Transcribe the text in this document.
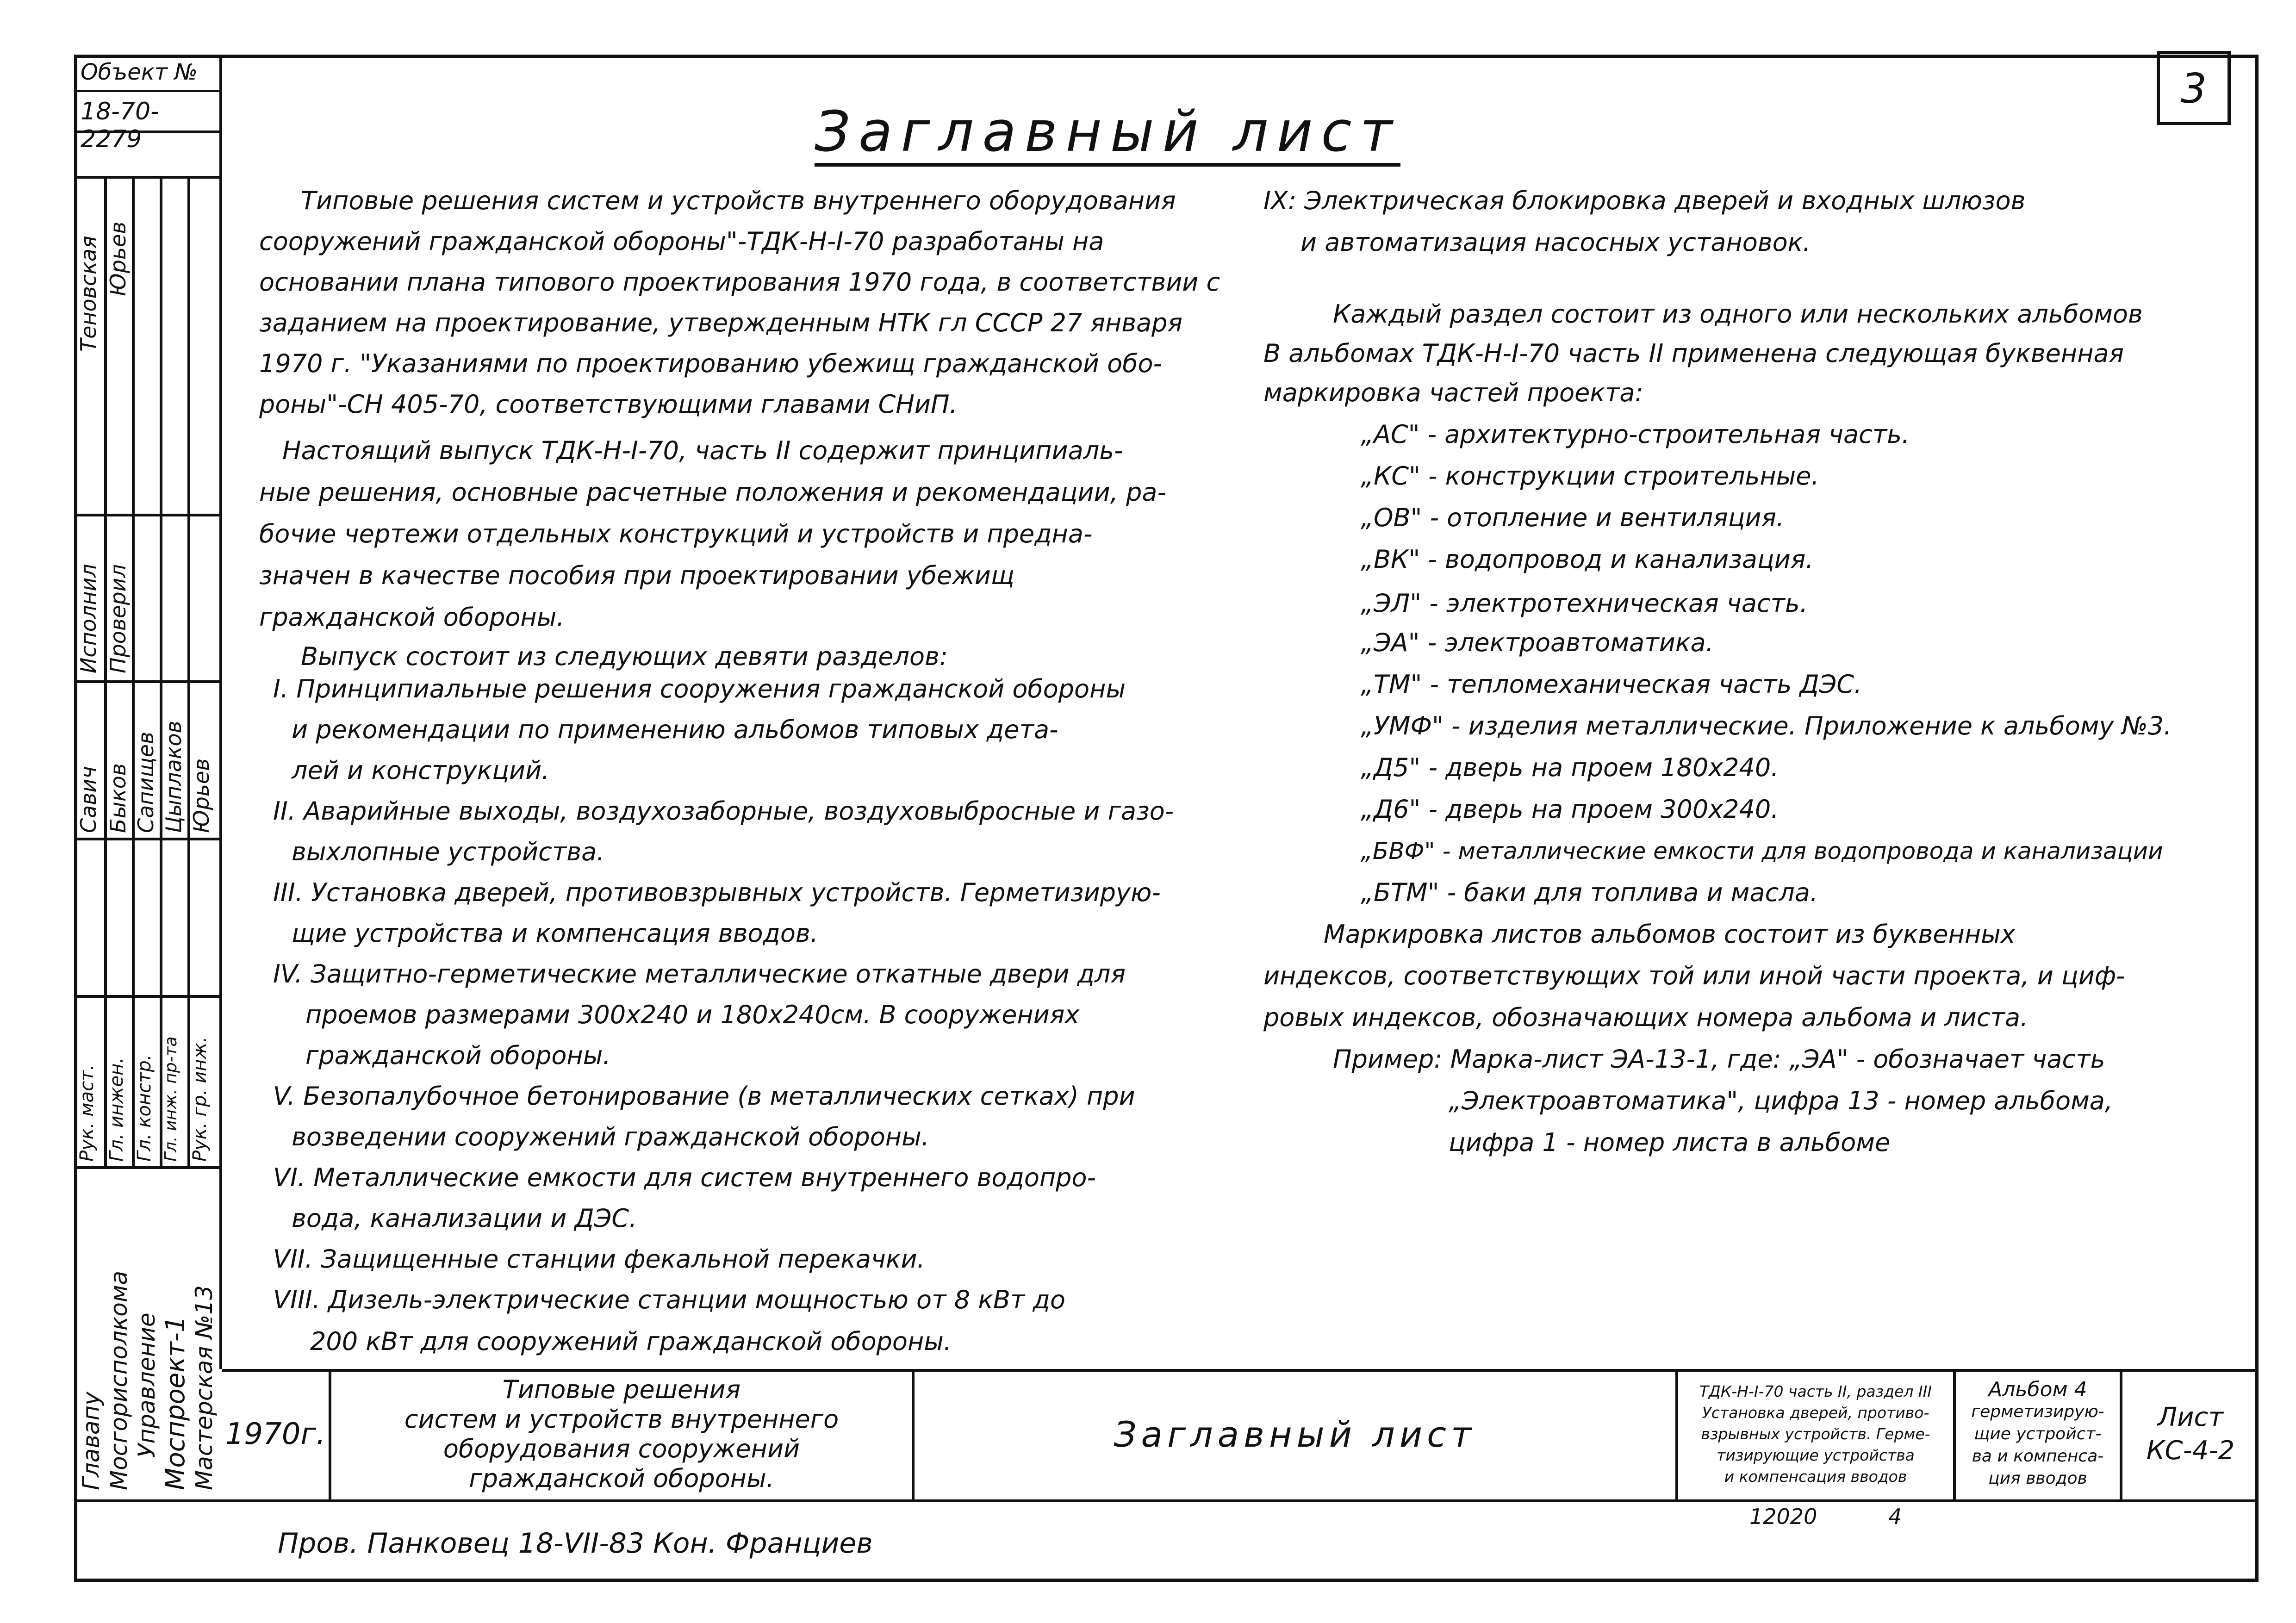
Объект №
18-70-2279
Теновская Юрьев
Исполнил Проверил
Савич Быков Сапищев Цыплаков Юрьев
Рук. маст. Гл. инжен. Гл. констр. Гл. инж. пр-та Рук. гр. инж.
Главапу Мосгорисполкома Управление Моспроект-1 Мастерская №13
3
Заглавный лист
Типовые решения систем и устройств внутреннего оборудования
сооружений гражданской обороны"-ТДК-Н-I-70 разработаны на
основании плана типового проектирования 1970 года, в соответствии с
заданием на проектирование, утвержденным НТК гл СССР 27 января
1970 г. "Указаниями по проектированию убежищ гражданской обо-
роны"-СН 405-70, соответствующими главами СНиП.
Настоящий выпуск ТДК-Н-I-70, часть II содержит принципиаль-
ные решения, основные расчетные положения и рекомендации, ра-
бочие чертежи отдельных конструкций и устройств и предна-
значен в качестве пособия при проектировании убежищ
гражданской обороны.
Выпуск состоит из следующих девяти разделов:
I. Принципиальные решения сооружения гражданской обороны
и рекомендации по применению альбомов типовых дета-
лей и конструкций.
II. Аварийные выходы, воздухозаборные, воздуховыбросные и газо-
выхлопные устройства.
III. Установка дверей, противовзрывных устройств. Герметизирую-
щие устройства и компенсация вводов.
IV. Защитно-герметические металлические откатные двери для
проемов размерами 300х240 и 180х240см. В сооружениях
гражданской обороны.
V. Безопалубочное бетонирование (в металлических сетках) при
возведении сооружений гражданской обороны.
VI. Металлические емкости для систем внутреннего водопро-
вода, канализации и ДЭС.
VII. Защищенные станции фекальной перекачки.
VIII. Дизель-электрические станции мощностью от 8 кВт до
200 кВт для сооружений гражданской обороны.
IX: Электрическая блокировка дверей и входных шлюзов
и автоматизация насосных установок.
Каждый раздел состоит из одного или нескольких альбомов
В альбомах ТДК-Н-I-70 часть II применена следующая буквенная
маркировка частей проекта:
„АС" - архитектурно-строительная часть.
„КС" - конструкции строительные.
„ОВ" - отопление и вентиляция.
„ВК" - водопровод и канализация.
„ЭЛ" - электротехническая часть.
„ЭА" - электроавтоматика.
„ТМ" - тепломеханическая часть ДЭС.
„УМФ" - изделия металлические. Приложение к альбому №3.
„Д5" - дверь на проем 180х240.
„Д6" - дверь на проем 300х240.
„БВФ" - металлические емкости для водопровода и канализации
„БТМ" - баки для топлива и масла.
Маркировка листов альбомов состоит из буквенных
индексов, соответствующих той или иной части проекта, и циф-
ровых индексов, обозначающих номера альбома и листа.
Пример: Марка-лист ЭА-13-1, где: „ЭА" - обозначает часть
„Электроавтоматика", цифра 13 - номер альбома,
цифра 1 - номер листа в альбоме
1970г.
Типовые решения
систем и устройств внутреннего
оборудования сооружений
гражданской обороны.
Заглавный лист
ТДК-Н-I-70 часть II, раздел III
Установка дверей, противо-
взрывных устройств. Герме-
тизирующие устройства
и компенсация вводов
Альбом 4
герметизирую-
щие устройст-
ва и компенса-
ция вводов
Лист
КС-4-2
12020	4
Пров. Панковец 18-VII-83 Кон. Франциев
